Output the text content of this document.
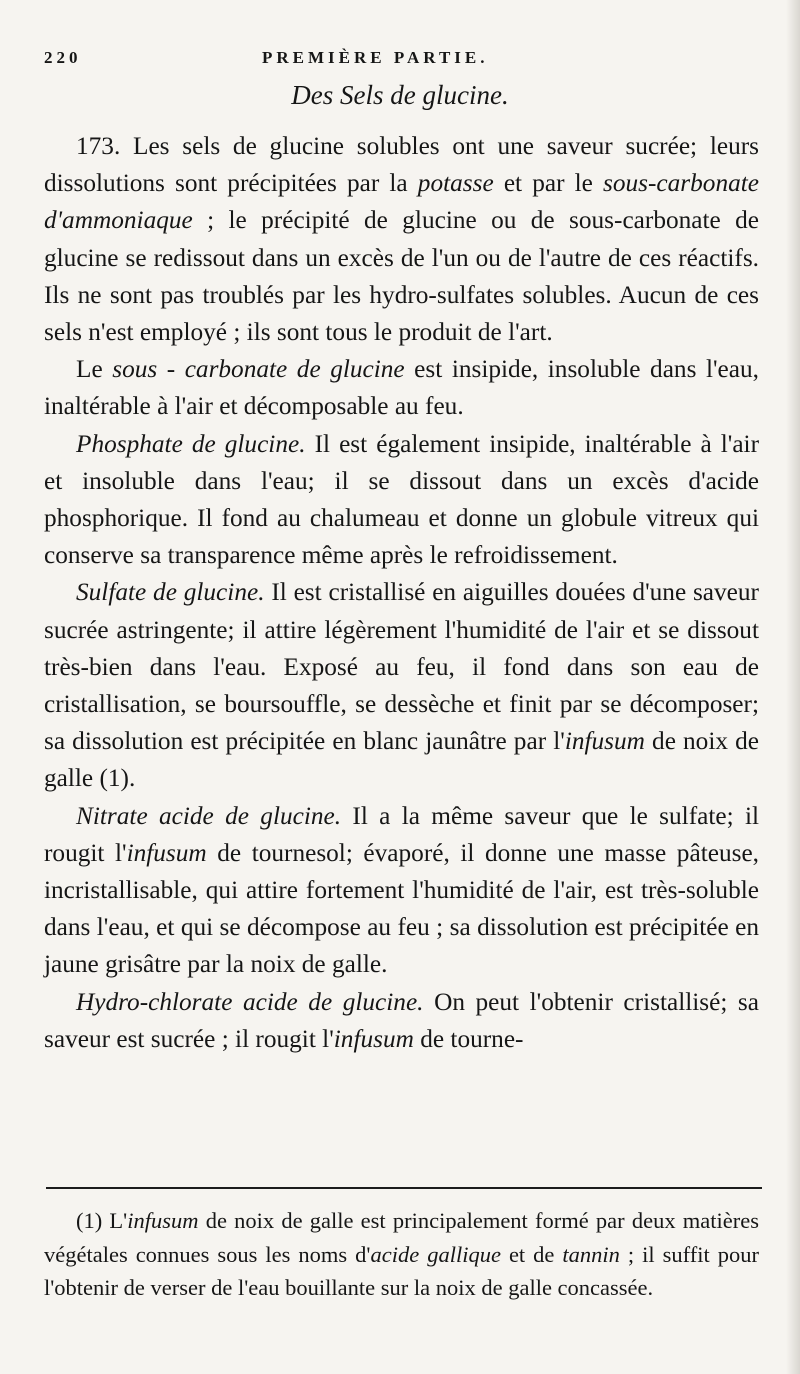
220	PREMIÈRE PARTIE.
Des Sels de glucine.

173. Les sels de glucine solubles ont une saveur sucrée; leurs dissolutions sont précipitées par la potasse et par le sous-carbonate d'ammoniaque ; le précipité de glucine ou de sous-carbonate de glucine se redissout dans un excès de l'un ou de l'autre de ces réactifs. Ils ne sont pas troublés par les hydro-sulfates solubles. Aucun de ces sels n'est employé ; ils sont tous le produit de l'art.

Le sous - carbonate de glucine est insipide, insoluble dans l'eau, inaltérable à l'air et décomposable au feu.

Phosphate de glucine. Il est également insipide, inaltérable à l'air et insoluble dans l'eau; il se dissout dans un excès d'acide phosphorique. Il fond au chalumeau et donne un globule vitreux qui conserve sa transparence même après le refroidissement.

Sulfate de glucine. Il est cristallisé en aiguilles douées d'une saveur sucrée astringente; il attire légèrement l'humidité de l'air et se dissout très-bien dans l'eau. Exposé au feu, il fond dans son eau de cristallisation, se boursouffle, se dessèche et finit par se décomposer; sa dissolution est précipitée en blanc jaunâtre par l'infusum de noix de galle (1).

Nitrate acide de glucine. Il a la même saveur que le sulfate; il rougit l'infusum de tournesol; évaporé, il donne une masse pâteuse, incristallisable, qui attire fortement l'humidité de l'air, est très-soluble dans l'eau, et qui se décompose au feu ; sa dissolution est précipitée en jaune grisâtre par la noix de galle.

Hydro-chlorate acide de glucine. On peut l'obtenir cristallisé; sa saveur est sucrée ; il rougit l'infusum de tourne-

(1) L'infusum de noix de galle est principalement formé par deux matières végétales connues sous les noms d'acide gallique et de tannin ; il suffit pour l'obtenir de verser de l'eau bouillante sur la noix de galle concassée.
